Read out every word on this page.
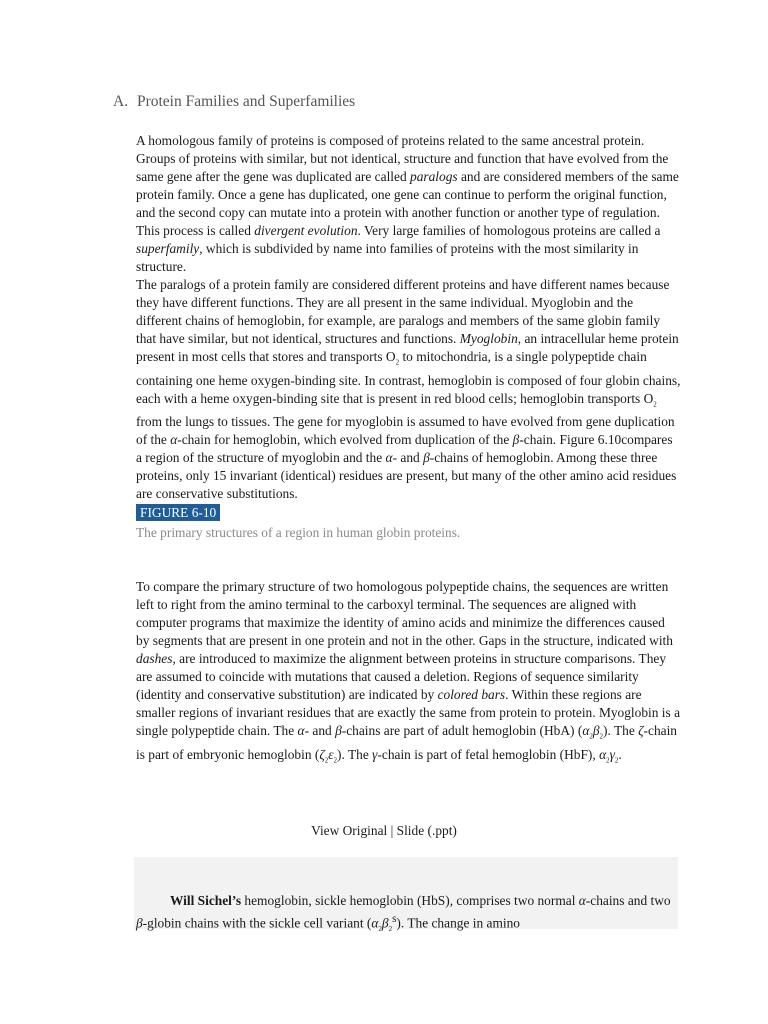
A. Protein Families and Superfamilies

A homologous family of proteins is composed of proteins related to the same ancestral protein. Groups of proteins with similar, but not identical, structure and function that have evolved from the same gene after the gene was duplicated are called paralogs and are considered members of the same protein family. Once a gene has duplicated, one gene can continue to perform the original function, and the second copy can mutate into a protein with another function or another type of regulation. This process is called divergent evolution. Very large families of homologous proteins are called a superfamily, which is subdivided by name into families of proteins with the most similarity in structure.

The paralogs of a protein family are considered different proteins and have different names because they have different functions. They are all present in the same individual. Myoglobin and the different chains of hemoglobin, for example, are paralogs and members of the same globin family that have similar, but not identical, structures and functions. Myoglobin, an intracellular heme protein present in most cells that stores and transports $O_2$ to mitochondria, is a single polypeptide chain containing one heme oxygen-binding site. In contrast, hemoglobin is composed of four globin chains, each with a heme oxygen-binding site that is present in red blood cells; hemoglobin transports $O_2$ from the lungs to tissues. The gene for myoglobin is assumed to have evolved from gene duplication of the α-chain for hemoglobin, which evolved from duplication of the β-chain. Figure 6.10compares a region of the structure of myoglobin and the α- and β-chains of hemoglobin. Among these three proteins, only 15 invariant (identical) residues are present, but many of the other amino acid residues are conservative substitutions.

FIGURE 6-10
The primary structures of a region in human globin proteins.

To compare the primary structure of two homologous polypeptide chains, the sequences are written left to right from the amino terminal to the carboxyl terminal. The sequences are aligned with computer programs that maximize the identity of amino acids and minimize the differences caused by segments that are present in one protein and not in the other. Gaps in the structure, indicated with dashes, are introduced to maximize the alignment between proteins in structure comparisons. They are assumed to coincide with mutations that caused a deletion. Regions of sequence similarity (identity and conservative substitution) are indicated by colored bars. Within these regions are smaller regions of invariant residues that are exactly the same from protein to protein. Myoglobin is a single polypeptide chain. The α- and β-chains are part of adult hemoglobin (HbA) $(\alpha_2\beta_2)$. The ζ-chain is part of embryonic hemoglobin $(\zeta_2\varepsilon_2)$. The γ-chain is part of fetal hemoglobin (HbF), $\alpha_2\gamma_2$.

View Original | Slide (.ppt)

Will Sichel’s hemoglobin, sickle hemoglobin (HbS), comprises two normal α-chains and two β-globin chains with the sickle cell variant $(\alpha_2\beta_2^s)$. The change in amino
